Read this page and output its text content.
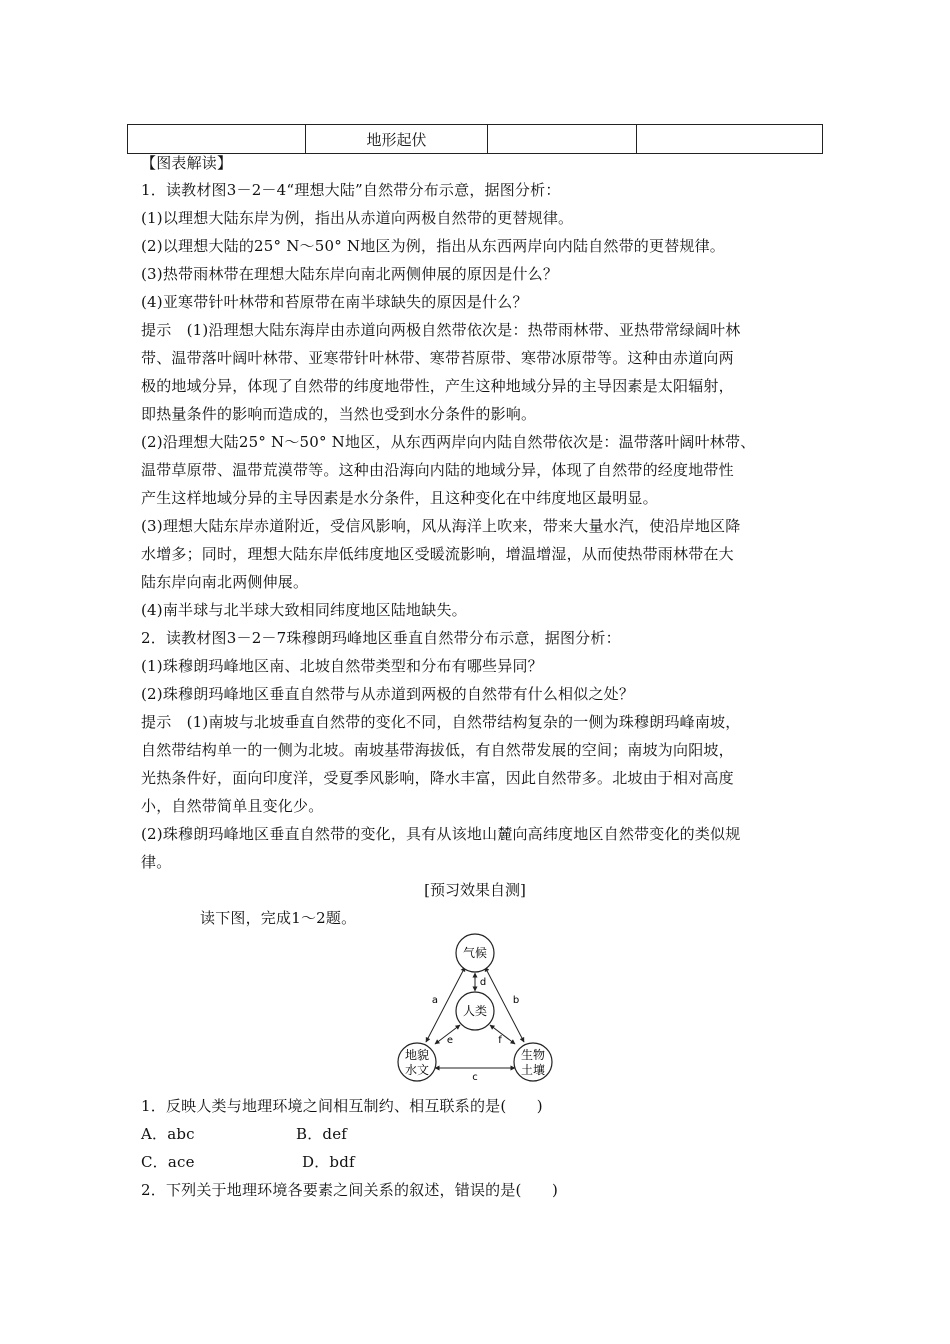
	地形起伏		
【图表解读】
1．读教材图3－2－4“理想大陆”自然带分布示意，据图分析：
(1)以理想大陆东岸为例，指出从赤道向两极自然带的更替规律。
(2)以理想大陆的25° N～50° N地区为例，指出从东西两岸向内陆自然带的更替规律。
(3)热带雨林带在理想大陆东岸向南北两侧伸展的原因是什么？
(4)亚寒带针叶林带和苔原带在南半球缺失的原因是什么？
提示　(1)沿理想大陆东海岸由赤道向两极自然带依次是：热带雨林带、亚热带常绿阔叶林
带、温带落叶阔叶林带、亚寒带针叶林带、寒带苔原带、寒带冰原带等。这种由赤道向两
极的地域分异，体现了自然带的纬度地带性，产生这种地域分异的主导因素是太阳辐射，
即热量条件的影响而造成的，当然也受到水分条件的影响。
(2)沿理想大陆25° N～50° N地区，从东西两岸向内陆自然带依次是：温带落叶阔叶林带、
温带草原带、温带荒漠带等。这种由沿海向内陆的地域分异，体现了自然带的经度地带性
产生这样地域分异的主导因素是水分条件，且这种变化在中纬度地区最明显。
(3)理想大陆东岸赤道附近，受信风影响，风从海洋上吹来，带来大量水汽，使沿岸地区降
水增多；同时，理想大陆东岸低纬度地区受暖流影响，增温增湿，从而使热带雨林带在大
陆东岸向南北两侧伸展。
(4)南半球与北半球大致相同纬度地区陆地缺失。
2．读教材图3－2－7珠穆朗玛峰地区垂直自然带分布示意，据图分析：
(1)珠穆朗玛峰地区南、北坡自然带类型和分布有哪些异同？
(2)珠穆朗玛峰地区垂直自然带与从赤道到两极的自然带有什么相似之处？
提示　(1)南坡与北坡垂直自然带的变化不同，自然带结构复杂的一侧为珠穆朗玛峰南坡，
自然带结构单一的一侧为北坡。南坡基带海拔低，有自然带发展的空间；南坡为向阳坡，
光热条件好，面向印度洋，受夏季风影响，降水丰富，因此自然带多。北坡由于相对高度
小，自然带简单且变化少。
(2)珠穆朗玛峰地区垂直自然带的变化，具有从该地山麓向高纬度地区自然带变化的类似规
律。
[预习效果自测]
读下图，完成1～2题。
气候
人类
地貌
水文
生物
土壤
a	b
c
d
e	f
1．反映人类与地理环境之间相互制约、相互联系的是(　　)
A．abc	B．def
C．ace	D．bdf
2．下列关于地理环境各要素之间关系的叙述，错误的是(　　)
